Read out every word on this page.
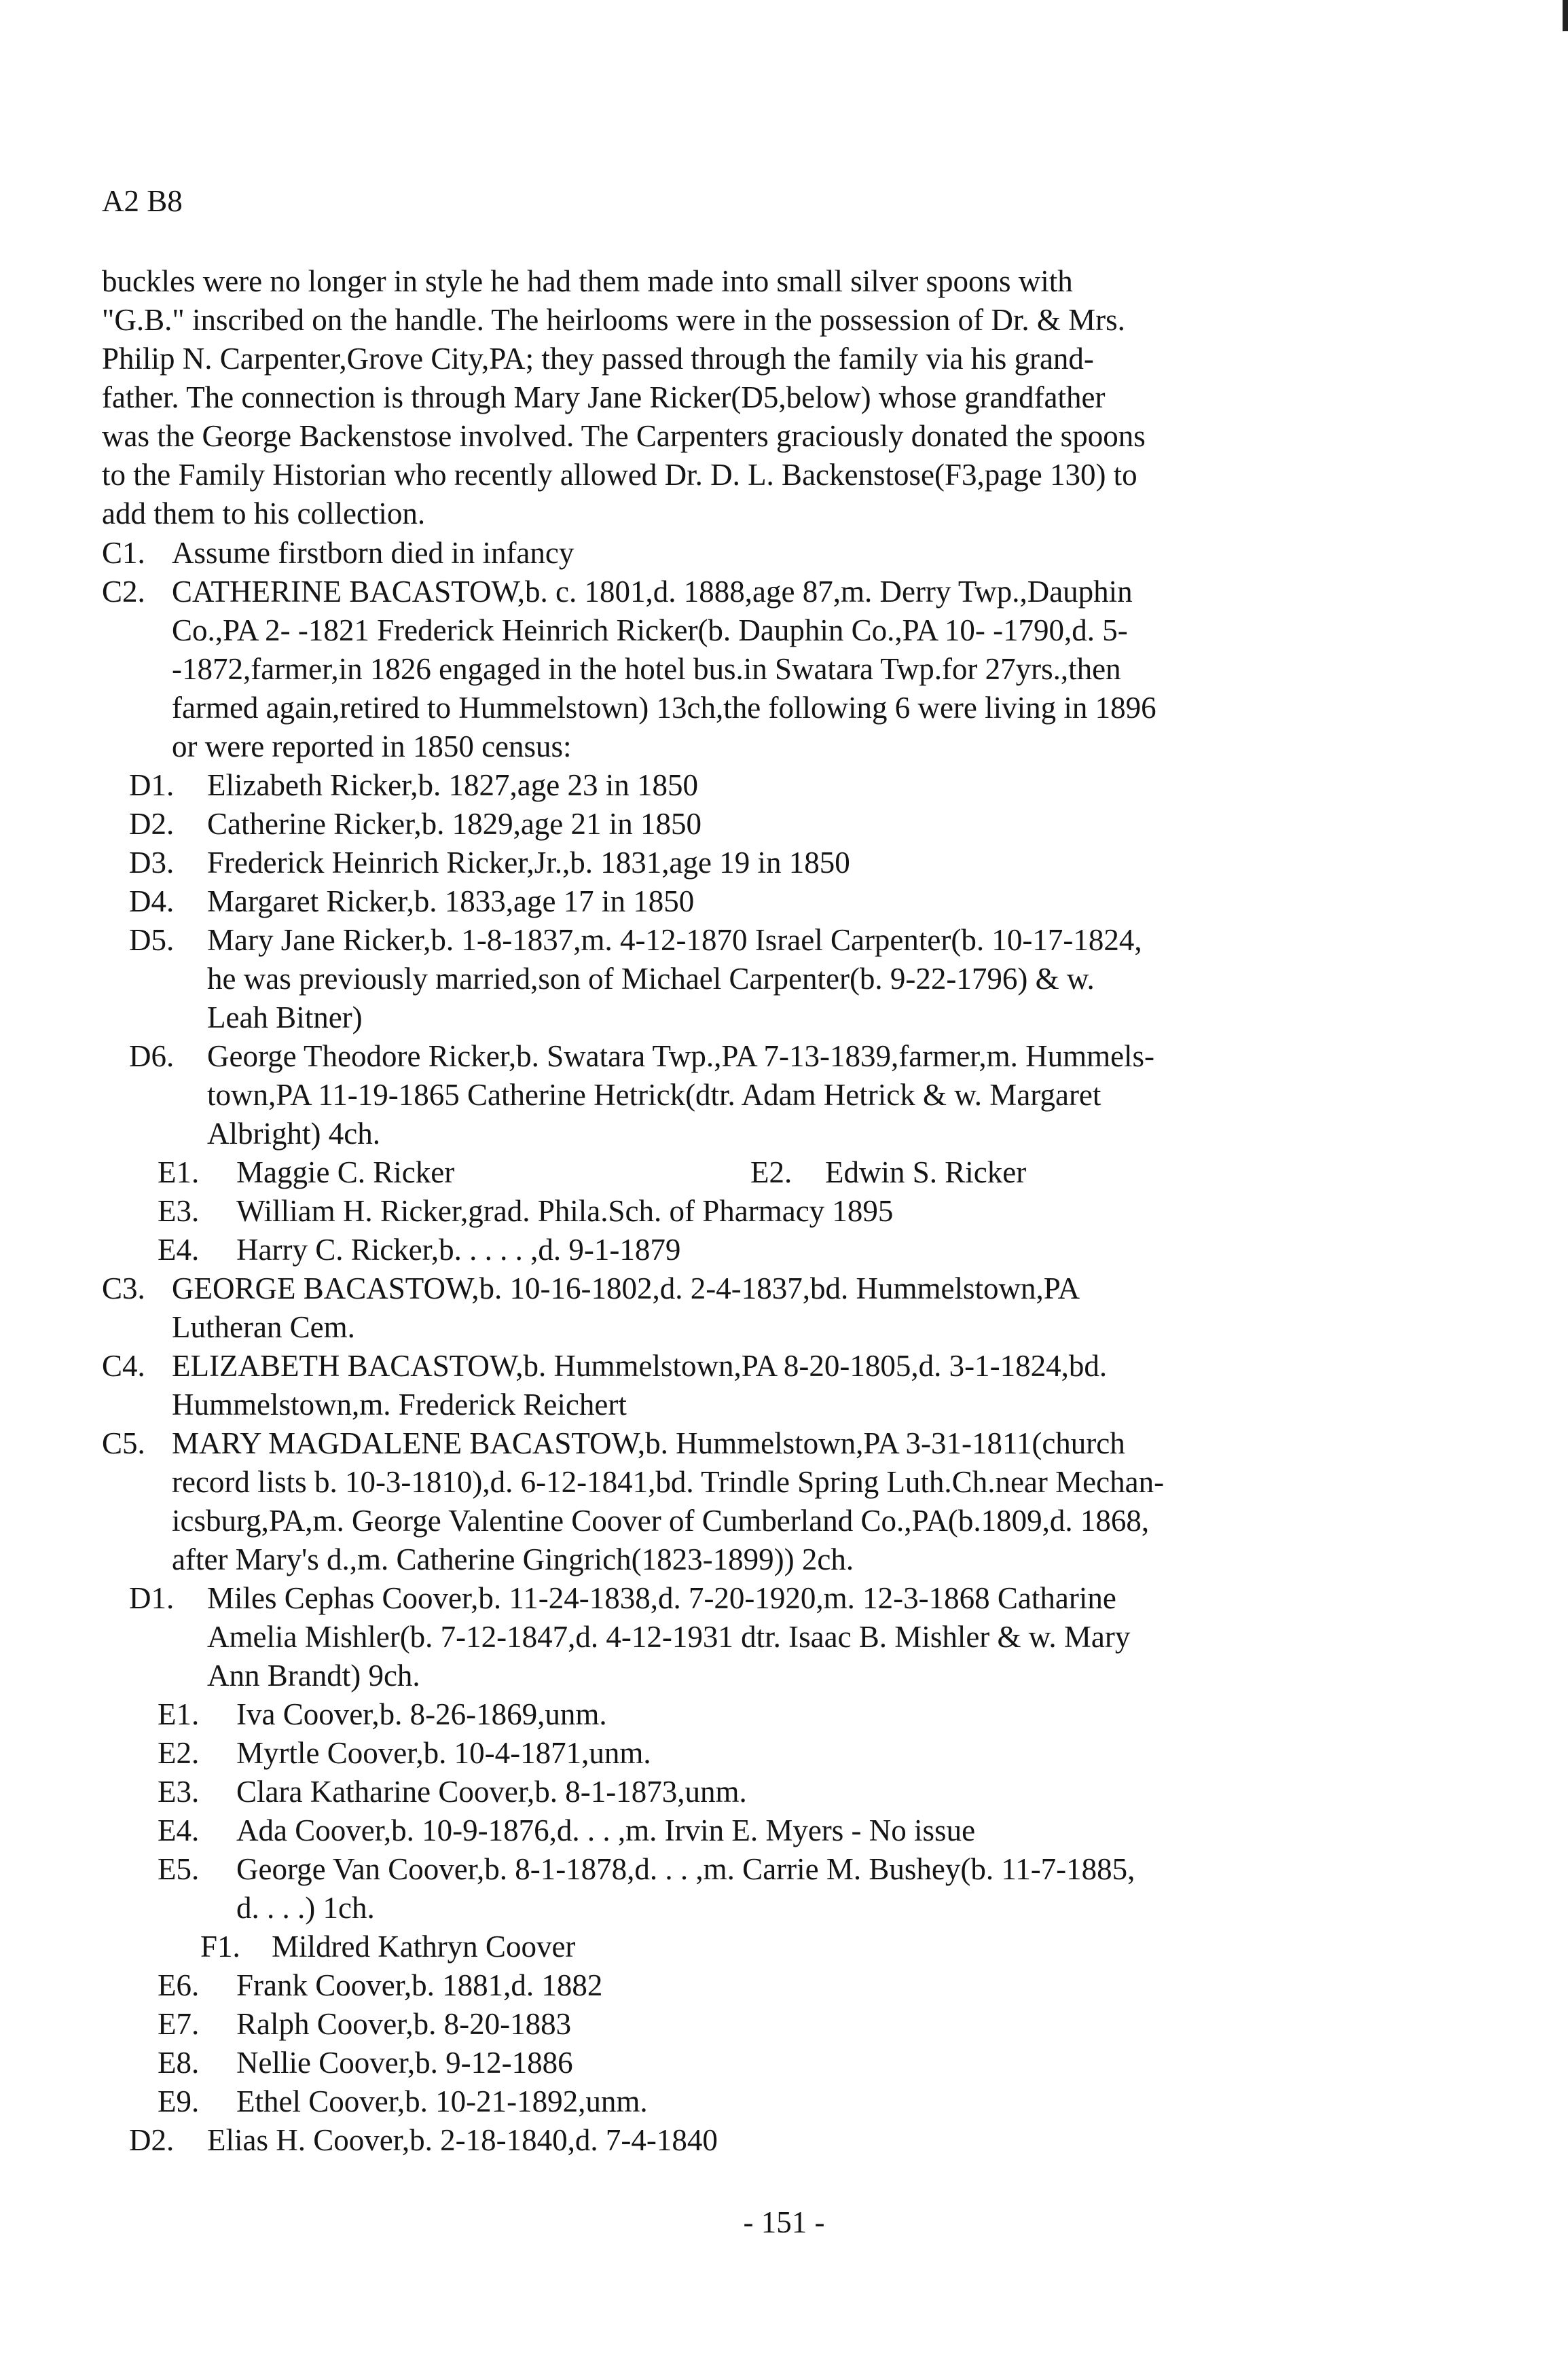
A2 B8
buckles were no longer in style he had them made into small silver spoons with
"G.B." inscribed on the handle. The heirlooms were in the possession of Dr. & Mrs.
Philip N. Carpenter,Grove City,PA; they passed through the family via his grand-
father. The connection is through Mary Jane Ricker(D5,below) whose grandfather
was the George Backenstose involved. The Carpenters graciously donated the spoons
to the Family Historian who recently allowed Dr. D. L. Backenstose(F3,page 130) to
add them to his collection.
C1. Assume firstborn died in infancy
C2. CATHERINE BACASTOW,b. c. 1801,d. 1888,age 87,m. Derry Twp.,Dauphin
Co.,PA 2- -1821 Frederick Heinrich Ricker(b. Dauphin Co.,PA 10- -1790,d. 5-
-1872,farmer,in 1826 engaged in the hotel bus.in Swatara Twp.for 27yrs.,then
farmed again,retired to Hummelstown) 13ch,the following 6 were living in 1896
or were reported in 1850 census:
D1. Elizabeth Ricker,b. 1827,age 23 in 1850
D2. Catherine Ricker,b. 1829,age 21 in 1850
D3. Frederick Heinrich Ricker,Jr.,b. 1831,age 19 in 1850
D4. Margaret Ricker,b. 1833,age 17 in 1850
D5. Mary Jane Ricker,b. 1-8-1837,m. 4-12-1870 Israel Carpenter(b. 10-17-1824,
he was previously married,son of Michael Carpenter(b. 9-22-1796) & w.
Leah Bitner)
D6. George Theodore Ricker,b. Swatara Twp.,PA 7-13-1839,farmer,m. Hummels-
town,PA 11-19-1865 Catherine Hetrick(dtr. Adam Hetrick & w. Margaret
Albright) 4ch.
E1. Maggie C. Ricker	E2. Edwin S. Ricker
E3. William H. Ricker,grad. Phila.Sch. of Pharmacy 1895
E4. Harry C. Ricker,b. . . . . ,d. 9-1-1879
C3. GEORGE BACASTOW,b. 10-16-1802,d. 2-4-1837,bd. Hummelstown,PA
Lutheran Cem.
C4. ELIZABETH BACASTOW,b. Hummelstown,PA 8-20-1805,d. 3-1-1824,bd.
Hummelstown,m. Frederick Reichert
C5. MARY MAGDALENE BACASTOW,b. Hummelstown,PA 3-31-1811(church
record lists b. 10-3-1810),d. 6-12-1841,bd. Trindle Spring Luth.Ch.near Mechan-
icsburg,PA,m. George Valentine Coover of Cumberland Co.,PA(b.1809,d. 1868,
after Mary's d.,m. Catherine Gingrich(1823-1899)) 2ch.
D1. Miles Cephas Coover,b. 11-24-1838,d. 7-20-1920,m. 12-3-1868 Catharine
Amelia Mishler(b. 7-12-1847,d. 4-12-1931 dtr. Isaac B. Mishler & w. Mary
Ann Brandt) 9ch.
E1. Iva Coover,b. 8-26-1869,unm.
E2. Myrtle Coover,b. 10-4-1871,unm.
E3. Clara Katharine Coover,b. 8-1-1873,unm.
E4. Ada Coover,b. 10-9-1876,d. . . ,m. Irvin E. Myers - No issue
E5. George Van Coover,b. 8-1-1878,d. . . ,m. Carrie M. Bushey(b. 11-7-1885,
d. . . .) 1ch.
F1. Mildred Kathryn Coover
E6. Frank Coover,b. 1881,d. 1882
E7. Ralph Coover,b. 8-20-1883
E8. Nellie Coover,b. 9-12-1886
E9. Ethel Coover,b. 10-21-1892,unm.
D2. Elias H. Coover,b. 2-18-1840,d. 7-4-1840
- 151 -
